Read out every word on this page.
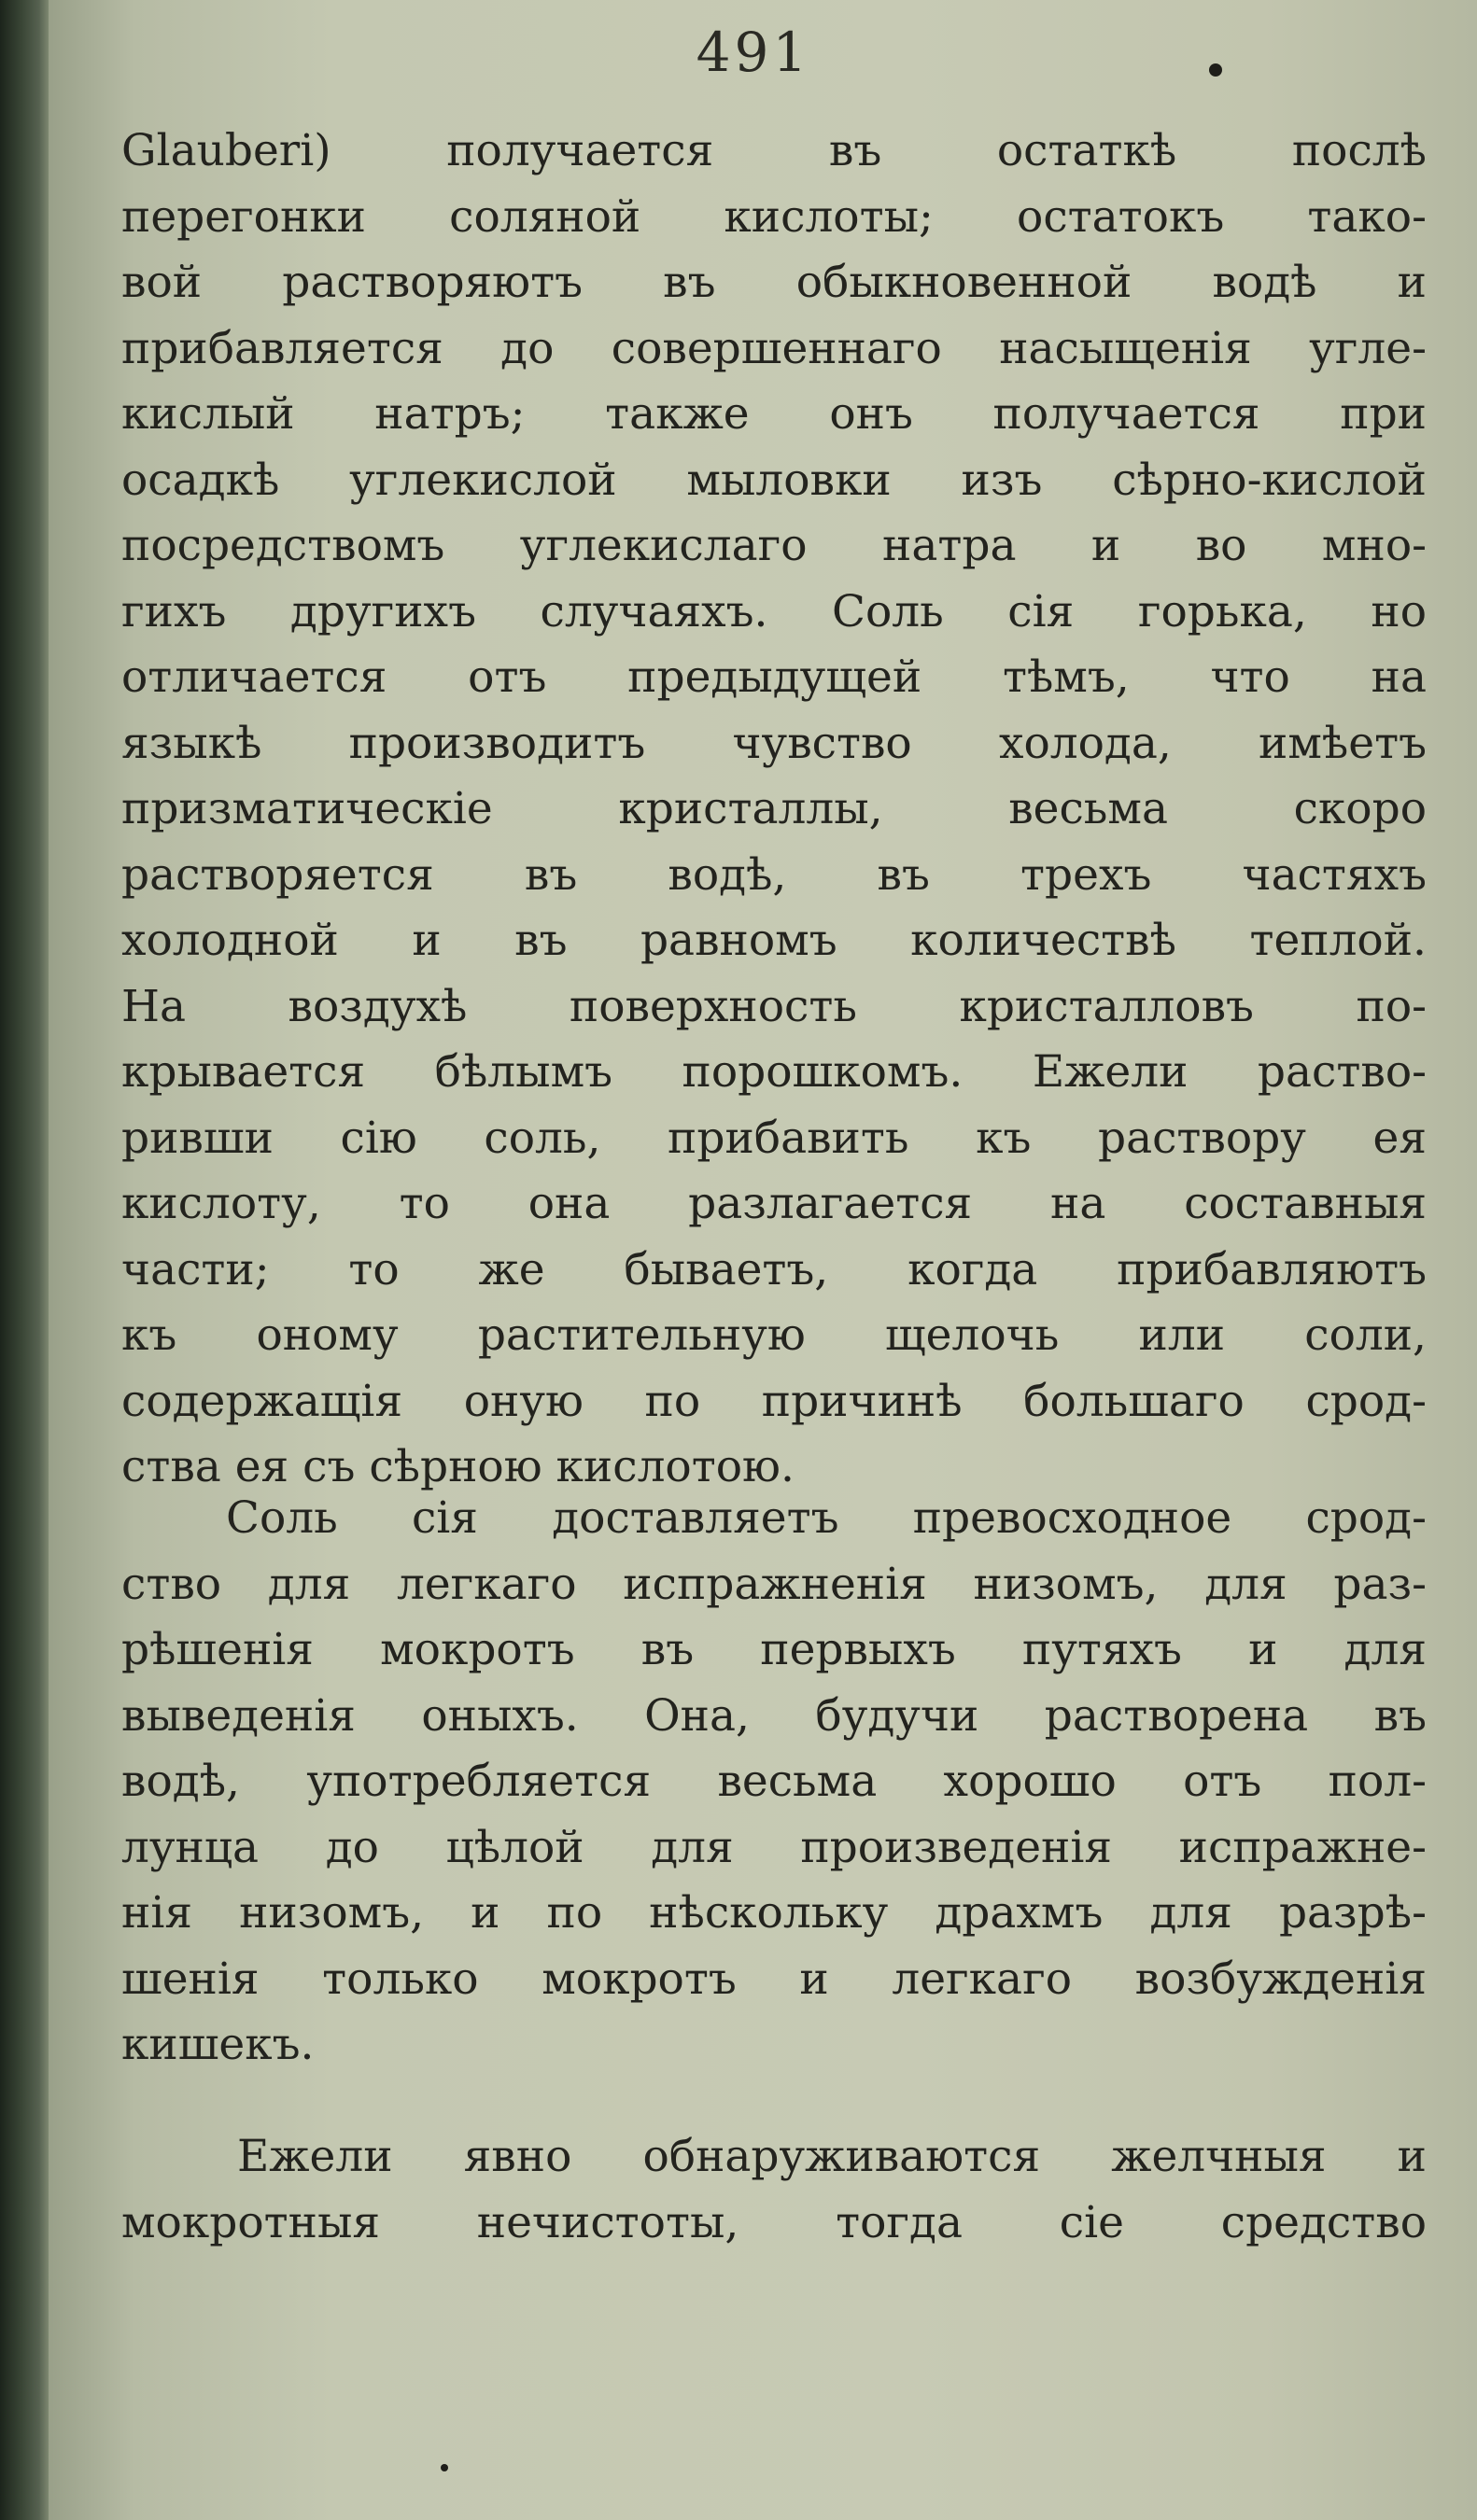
491
Glauberi) получается въ остаткѣ послѣ
перегонки соляной кислоты; остатокъ тако-
вой растворяютъ въ обыкновенной водѣ и
прибавляется до совершеннаго насыщенія угле-
кислый натръ; также онъ получается при
осадкѣ углекислой мыловки изъ сѣрно-кислой
посредствомъ углекислаго натра и во мно-
гихъ другихъ случаяхъ. Соль сія горька, но
отличается отъ предыдущей тѣмъ, что на
языкѣ производитъ чувство холода, имѣетъ
призматическіе кристаллы, весьма скоро
растворяется въ водѣ, въ трехъ частяхъ
холодной и въ равномъ количествѣ теплой.
На воздухѣ поверхность кристалловъ по-
крывается бѣлымъ порошкомъ. Ежели раство-
ривши сію соль, прибавить къ раствору ея
кислоту, то она разлагается на составныя
части; то же бываетъ, когда прибавляютъ
къ оному растительную щелочь или соли,
содержащія оную по причинѣ большаго срод-
ства ея съ сѣрною кислотою.
Соль сія доставляетъ превосходное срод-
ство для легкаго испражненія низомъ, для раз-
рѣшенія мокротъ въ первыхъ путяхъ и для
выведенія оныхъ. Она, будучи растворена въ
водѣ, употребляется весьма хорошо отъ пол-
лунца до цѣлой для произведенія испражне-
нія низомъ, и по нѣскольку драхмъ для разрѣ-
шенія только мокротъ и легкаго возбужденія
кишекъ.
Ежели явно обнаруживаются желчныя и
мокротныя нечистоты, тогда сіе средство
